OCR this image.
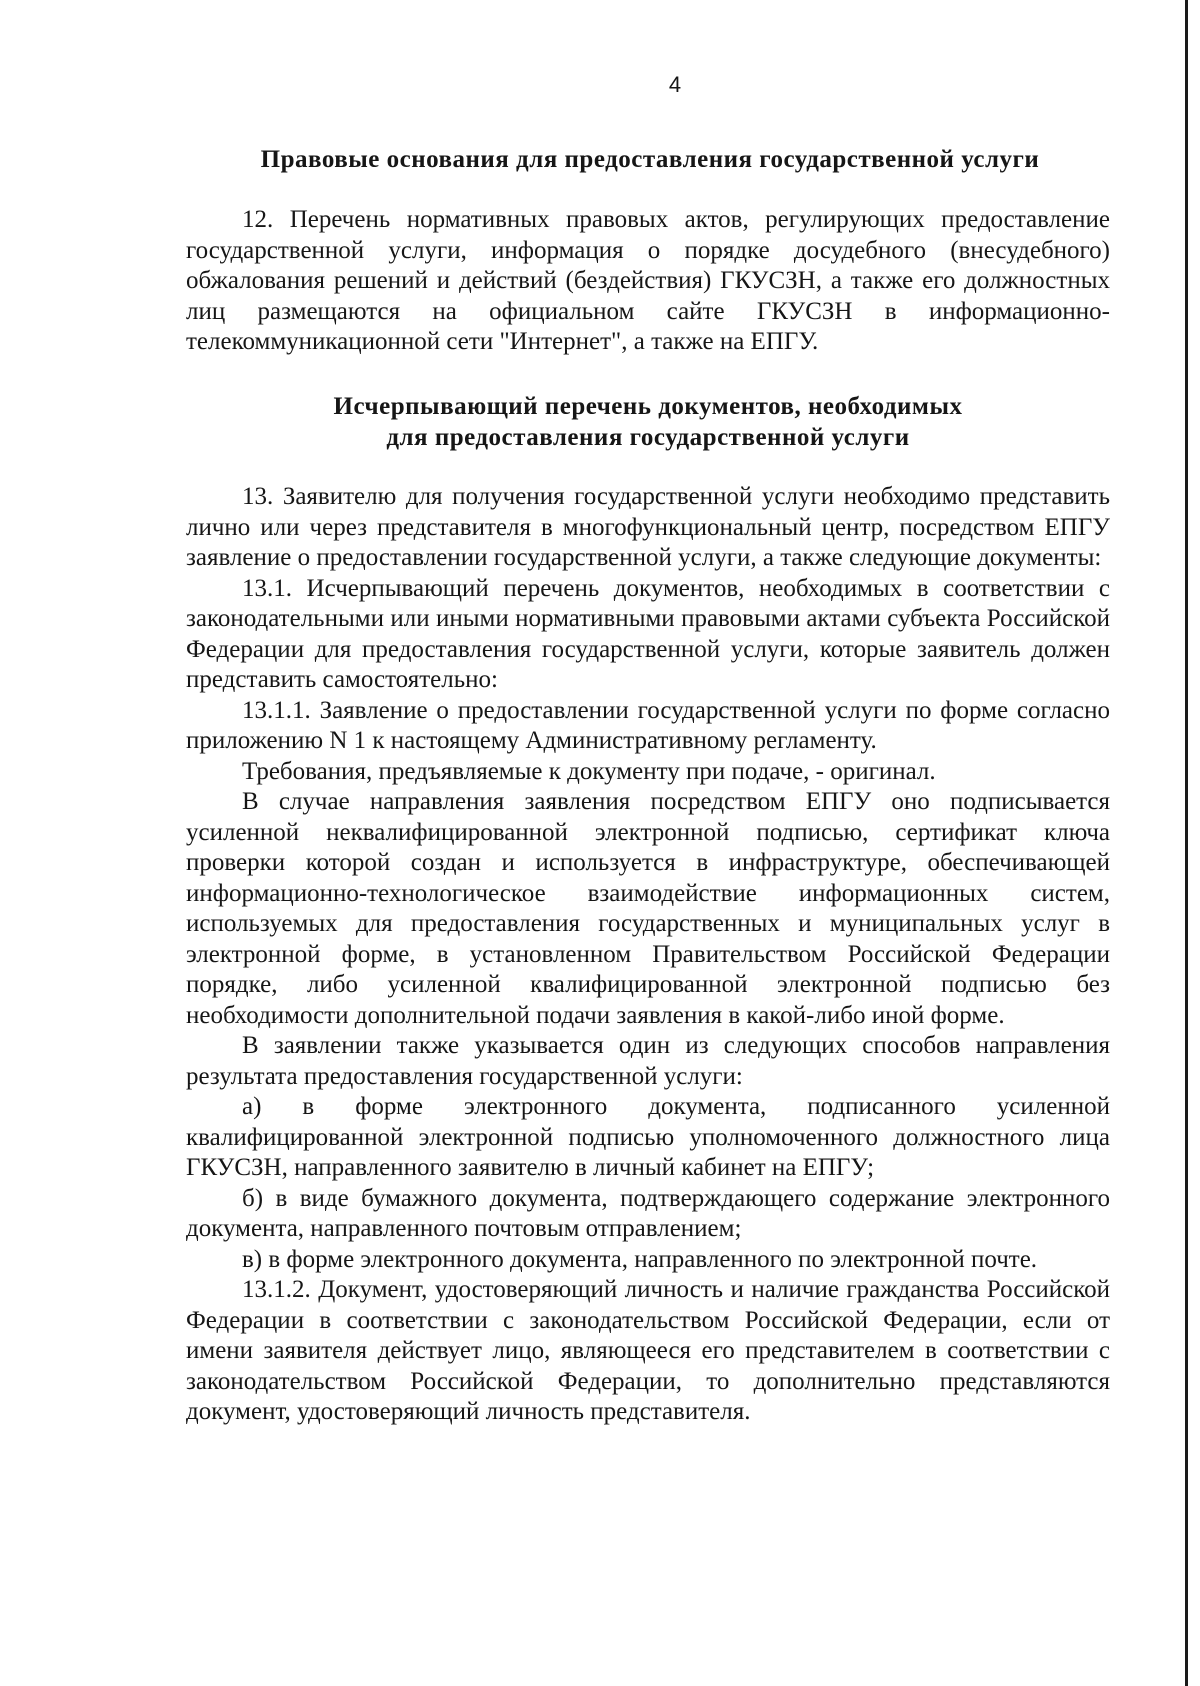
4

Правовые основания для предоставления государственной услуги

12. Перечень нормативных правовых актов, регулирующих предоставление государственной услуги, информация о порядке досудебного (внесудебного) обжалования решений и действий (бездействия) ГКУСЗН, а также его должностных лиц размещаются на официальном сайте ГКУСЗН в информационно-телекоммуникационной сети "Интернет", а также на ЕПГУ.

Исчерпывающий перечень документов, необходимых

для предоставления государственной услуги

13. Заявителю для получения государственной услуги необходимо представить лично или через представителя в многофункциональный центр, посредством ЕПГУ заявление о предоставлении государственной услуги, а также следующие документы:

13.1. Исчерпывающий перечень документов, необходимых в соответствии с законодательными или иными нормативными правовыми актами субъекта Российской Федерации для предоставления государственной услуги, которые заявитель должен представить самостоятельно:

13.1.1. Заявление о предоставлении государственной услуги по форме согласно приложению N 1 к настоящему Административному регламенту.

Требования, предъявляемые к документу при подаче, - оригинал.

В случае направления заявления посредством ЕПГУ оно подписывается усиленной неквалифицированной электронной подписью, сертификат ключа проверки которой создан и используется в инфраструктуре, обеспечивающей информационно-технологическое взаимодействие информационных систем, используемых для предоставления государственных и муниципальных услуг в электронной форме, в установленном Правительством Российской Федерации порядке, либо усиленной квалифицированной электронной подписью без необходимости дополнительной подачи заявления в какой-либо иной форме.

В заявлении также указывается один из следующих способов направления результата предоставления государственной услуги:

а) в форме электронного документа, подписанного усиленной квалифицированной электронной подписью уполномоченного должностного лица ГКУСЗН, направленного заявителю в личный кабинет на ЕПГУ;

б) в виде бумажного документа, подтверждающего содержание электронного документа, направленного почтовым отправлением;

в) в форме электронного документа, направленного по электронной почте.

13.1.2. Документ, удостоверяющий личность и наличие гражданства Российской Федерации в соответствии с законодательством Российской Федерации, если от имени заявителя действует лицо, являющееся его представителем в соответствии с законодательством Российской Федерации, то дополнительно представляются документ, удостоверяющий личность представителя.
